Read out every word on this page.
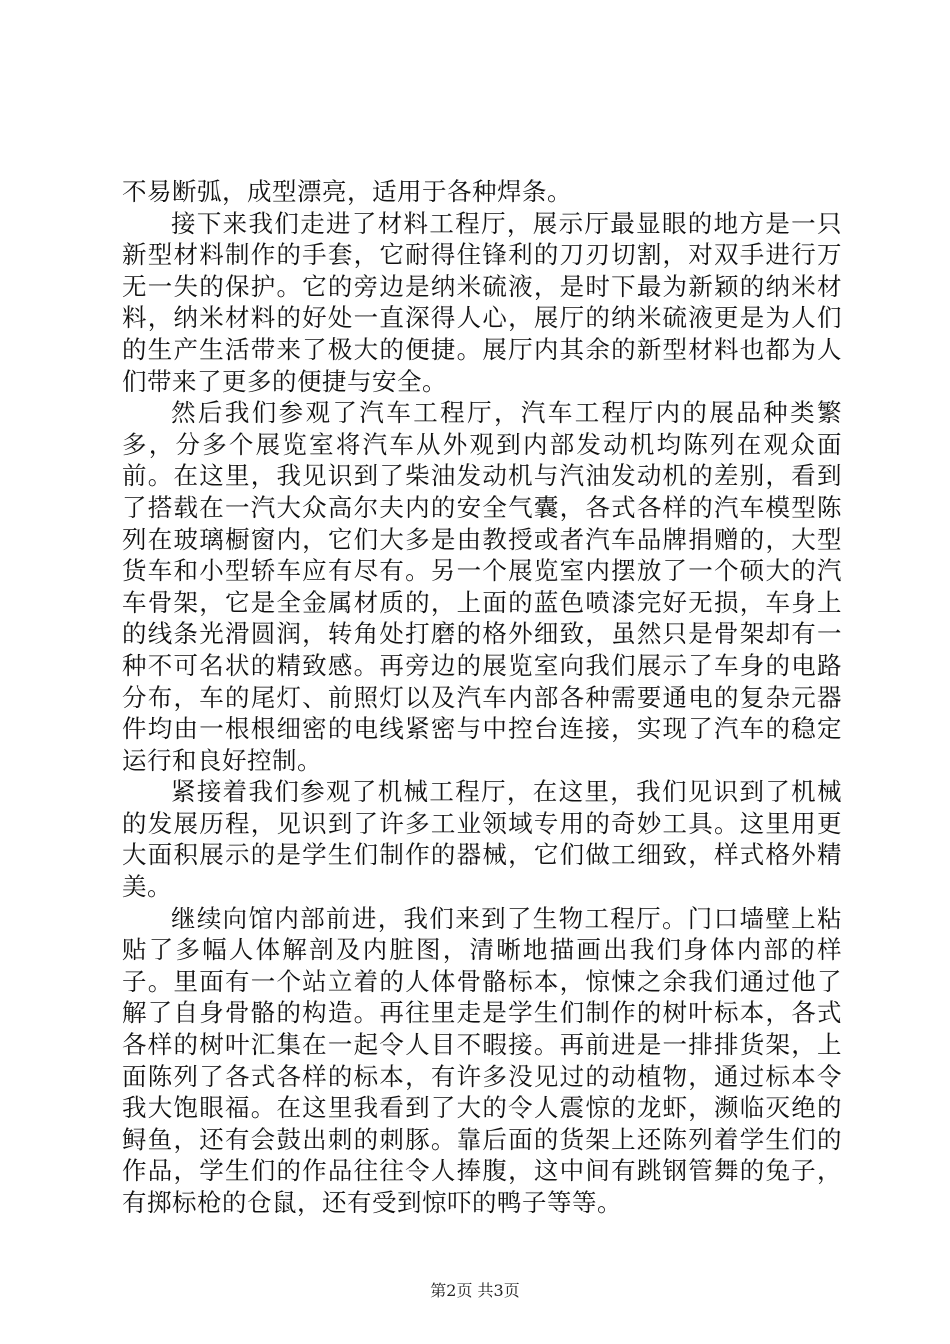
不易断弧，成型漂亮，适用于各种焊条。

接下来我们走进了材料工程厅，展示厅最显眼的地方是一只新型材料制作的手套，它耐得住锋利的刀刃切割，对双手进行万无一失的保护。它的旁边是纳米硫液，是时下最为新颖的纳米材料，纳米材料的好处一直深得人心，展厅的纳米硫液更是为人们的生产生活带来了极大的便捷。展厅内其余的新型材料也都为人们带来了更多的便捷与安全。

然后我们参观了汽车工程厅，汽车工程厅内的展品种类繁多，分多个展览室将汽车从外观到内部发动机均陈列在观众面前。在这里，我见识到了柴油发动机与汽油发动机的差别，看到了搭载在一汽大众高尔夫内的安全气囊，各式各样的汽车模型陈列在玻璃橱窗内，它们大多是由教授或者汽车品牌捐赠的，大型货车和小型轿车应有尽有。另一个展览室内摆放了一个硕大的汽车骨架，它是全金属材质的，上面的蓝色喷漆完好无损，车身上的线条光滑圆润，转角处打磨的格外细致，虽然只是骨架却有一种不可名状的精致感。再旁边的展览室向我们展示了车身的电路分布，车的尾灯、前照灯以及汽车内部各种需要通电的复杂元器件均由一根根细密的电线紧密与中控台连接，实现了汽车的稳定运行和良好控制。

紧接着我们参观了机械工程厅，在这里，我们见识到了机械的发展历程，见识到了许多工业领域专用的奇妙工具。这里用更大面积展示的是学生们制作的器械，它们做工细致，样式格外精美。

继续向馆内部前进，我们来到了生物工程厅。门口墙壁上粘贴了多幅人体解剖及内脏图，清晰地描画出我们身体内部的样子。里面有一个站立着的人体骨骼标本，惊悚之余我们通过他了解了自身骨骼的构造。再往里走是学生们制作的树叶标本，各式各样的树叶汇集在一起令人目不暇接。再前进是一排排货架，上面陈列了各式各样的标本，有许多没见过的动植物，通过标本令我大饱眼福。在这里我看到了大的令人震惊的龙虾，濒临灭绝的鲟鱼，还有会鼓出刺的刺豚。靠后面的货架上还陈列着学生们的作品，学生们的作品往往令人捧腹，这中间有跳钢管舞的兔子，有掷标枪的仓鼠，还有受到惊吓的鸭子等等。

第2页 共3页
